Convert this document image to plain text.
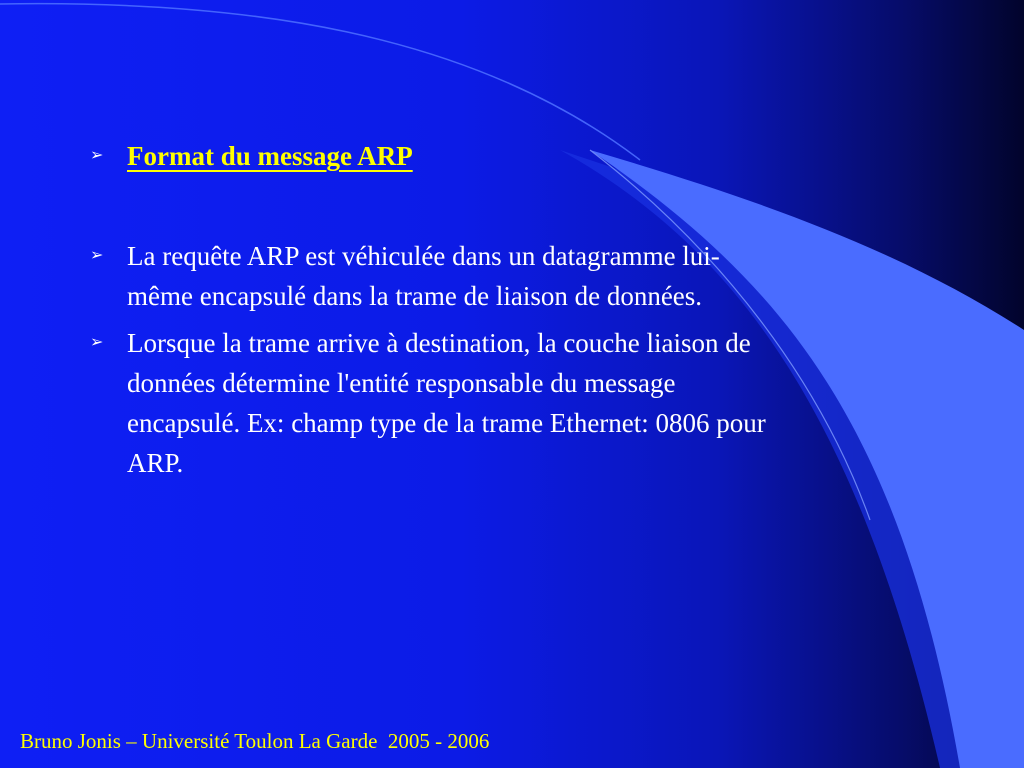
➢ Format du message ARP
➢ La requête ARP est véhiculée dans un datagramme lui-
même encapsulé dans la trame de liaison de données.
➢ Lorsque la trame arrive à destination, la couche liaison de
données détermine l'entité responsable du message
encapsulé. Ex: champ type de la trame Ethernet: 0806 pour
ARP.
Bruno Jonis – Université Toulon La Garde  2005 - 2006
